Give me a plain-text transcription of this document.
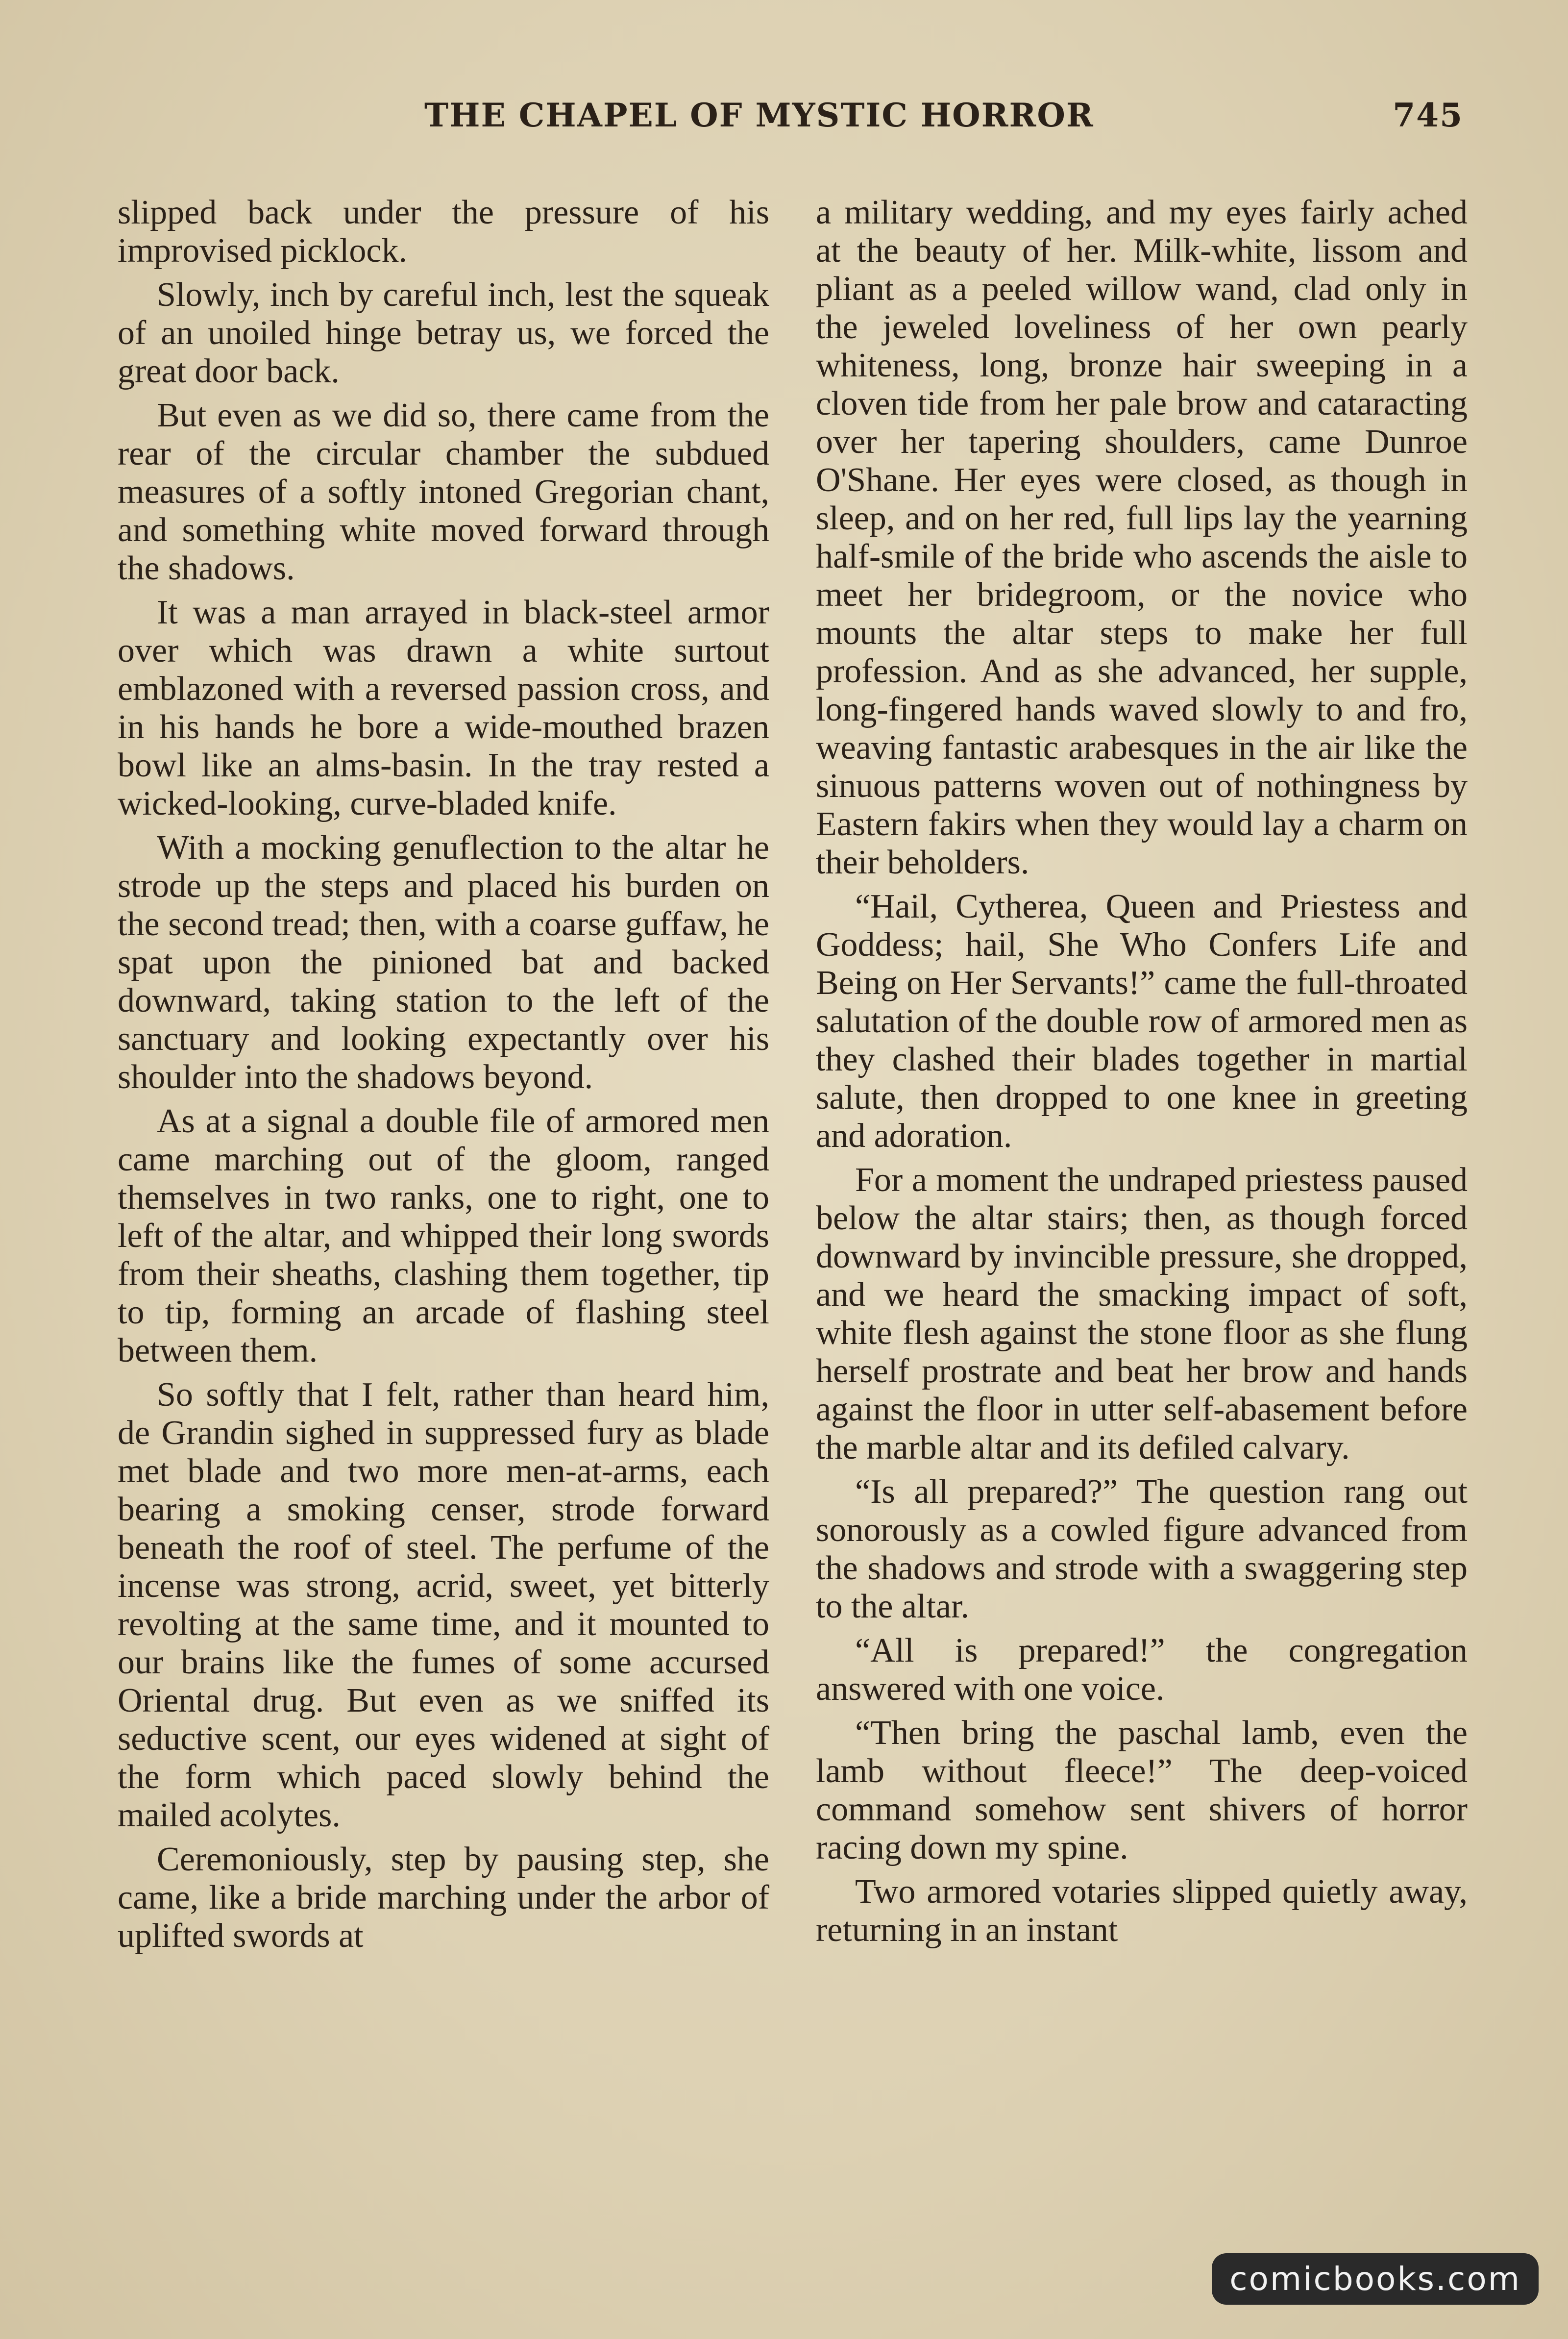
THE CHAPEL OF MYSTIC HORROR	745

slipped back under the pressure of his improvised picklock.

Slowly, inch by careful inch, lest the squeak of an unoiled hinge betray us, we forced the great door back.

But even as we did so, there came from the rear of the circular chamber the subdued measures of a softly intoned Gregorian chant, and something white moved forward through the shadows.

It was a man arrayed in black-steel armor over which was drawn a white surtout emblazoned with a reversed passion cross, and in his hands he bore a wide-mouthed brazen bowl like an alms-basin. In the tray rested a wicked-looking, curve-bladed knife.

With a mocking genuflection to the altar he strode up the steps and placed his burden on the second tread; then, with a coarse guffaw, he spat upon the pinioned bat and backed downward, taking station to the left of the sanctuary and looking expectantly over his shoulder into the shadows beyond.

As at a signal a double file of armored men came marching out of the gloom, ranged themselves in two ranks, one to right, one to left of the altar, and whipped their long swords from their sheaths, clashing them together, tip to tip, forming an arcade of flashing steel between them.

So softly that I felt, rather than heard him, de Grandin sighed in suppressed fury as blade met blade and two more men-at-arms, each bearing a smoking censer, strode forward beneath the roof of steel. The perfume of the incense was strong, acrid, sweet, yet bitterly revolting at the same time, and it mounted to our brains like the fumes of some accursed Oriental drug. But even as we sniffed its seductive scent, our eyes widened at sight of the form which paced slowly behind the mailed acolytes.

Ceremoniously, step by pausing step, she came, like a bride marching under the arbor of uplifted swords at

a military wedding, and my eyes fairly ached at the beauty of her. Milk-white, lissom and pliant as a peeled willow wand, clad only in the jeweled loveliness of her own pearly whiteness, long, bronze hair sweeping in a cloven tide from her pale brow and cataracting over her tapering shoulders, came Dunroe O'Shane. Her eyes were closed, as though in sleep, and on her red, full lips lay the yearning half-smile of the bride who ascends the aisle to meet her bridegroom, or the novice who mounts the altar steps to make her full profession. And as she advanced, her supple, long-fingered hands waved slowly to and fro, weaving fantastic arabesques in the air like the sinuous patterns woven out of nothingness by Eastern fakirs when they would lay a charm on their beholders.

“Hail, Cytherea, Queen and Priestess and Goddess; hail, She Who Confers Life and Being on Her Servants!” came the full-throated salutation of the double row of armored men as they clashed their blades together in martial salute, then dropped to one knee in greeting and adoration.

For a moment the undraped priestess paused below the altar stairs; then, as though forced downward by invincible pressure, she dropped, and we heard the smacking impact of soft, white flesh against the stone floor as she flung herself prostrate and beat her brow and hands against the floor in utter self-abasement before the marble altar and its defiled calvary.

“Is all prepared?” The question rang out sonorously as a cowled figure advanced from the shadows and strode with a swaggering step to the altar.

“All is prepared!” the congregation answered with one voice.

“Then bring the paschal lamb, even the lamb without fleece!” The deep-voiced command somehow sent shivers of horror racing down my spine.

Two armored votaries slipped quietly away, returning in an instant

comicbooks.com
